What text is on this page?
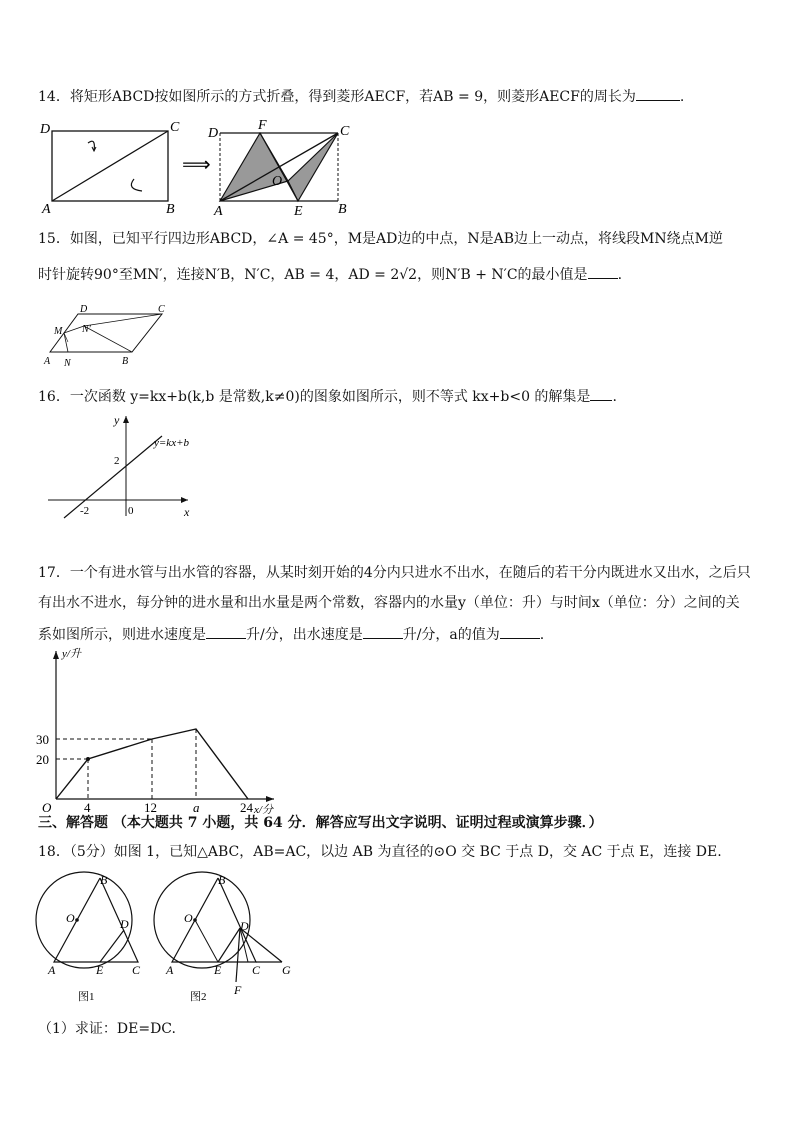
14．将矩形ABCD按如图所示的方式折叠，得到菱形AECF，若AB = 9，则菱形AECF的周长为	.
D	C
A	B
⟹
D
F	C
O
A	E	B
15．如图，已知平行四边形ABCD，∠A = 45°，M是AD边的中点，N是AB边上一动点，将线段MN绕点M逆
时针旋转90°至MN′，连接N′B，N′C，AB = 4，AD = 2√2，则N′B + N′C的最小值是 .
D	C
M N′
A N	B
16．一次函数 y=kx+b(k,b 是常数,k≠0)的图象如图所示，则不等式 kx+b<0 的解集是 .
y
x
y=kx+b
2
-2	0
17．一个有进水管与出水管的容器，从某时刻开始的4分内只进水不出水，在随后的若干分内既进水又出水，之后只
有出水不进水，每分钟的进水量和出水量是两个常数，容器内的水量y（单位：升）与时间x（单位：分）之间的关
系如图所示，则进水速度是	升/分，出水速度是	升/分，a的值为	.
y/升
x/分
O
30
20
4	12	a	24
三、解答题 （本大题共 7 小题，共 64 分．解答应写出文字说明、证明过程或演算步骤．）
18．（5分）如图 1，已知△ABC，AB=AC，以边 AB 为直径的⊙O 交 BC 于点 D，交 AC 于点 E，连接 DE.
B
O	D
A	E C
图1
B
O
D
A	E	C G
F
图2
（1）求证：DE=DC.
